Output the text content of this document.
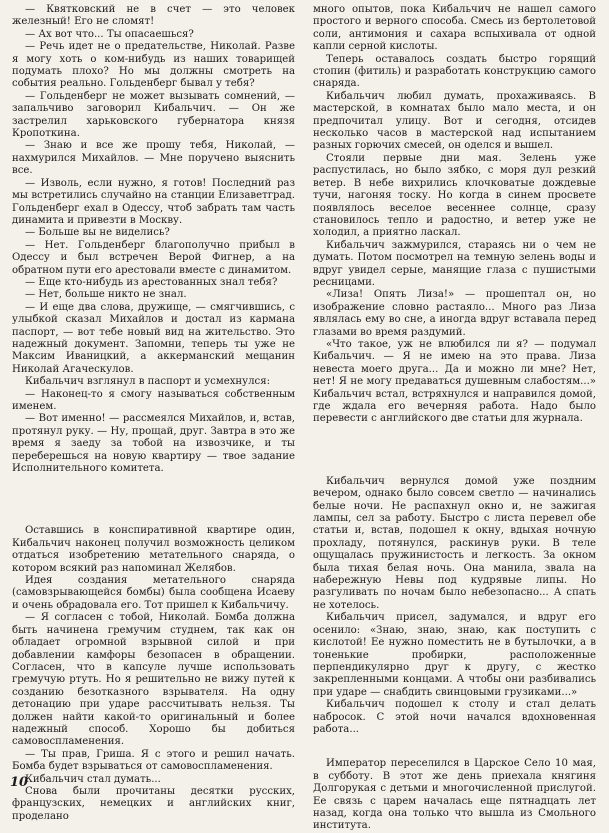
— Квятковский не в счет — это человек железный! Его не сломят!

— Ах вот что... Ты опасаешься?

— Речь идет не о предательстве, Николай. Разве я могу хоть о ком-нибудь из наших товарищей подумать плохо? Но мы должны смотреть на события реально. Гольденберг бывал у тебя?

— Гольденберг не может вызывать сомнений, — запальчиво заговорил Кибальчич. — Он же застрелил харьковского губернатора князя Кропоткина.

— Знаю и все же прошу тебя, Николай, — нахмурился Михайлов. — Мне поручено выяснить все.

— Изволь, если нужно, я готов! Последний раз мы встретились случайно на станции Елизаветград. Гольденберг ехал в Одессу, чтоб забрать там часть динамита и привезти в Москву.

— Больше вы не виделись?

— Нет. Гольденберг благополучно прибыл в Одессу и был встречен Верой Фигнер, а на обратном пути его арестовали вместе с динамитом.

— Еще кто-нибудь из арестованных знал тебя?

— Нет, больше никто не знал.

— И еще два слова, дружище, — смягчившись, с улыбкой сказал Михайлов и достал из кармана паспорт, — вот тебе новый вид на жительство. Это надежный документ. Запомни, теперь ты уже не Максим Иваницкий, а аккерманский мещанин Николай Агаческулов.

Кибальчич взглянул в паспорт и усмехнулся:

— Наконец-то я смогу называться собственным именем.

— Вот именно! — рассмеялся Михайлов, и, встав, протянул руку. — Ну, прощай, друг. Завтра в это же время я заеду за тобой на извозчике, и ты переберешься на новую квартиру — твое задание Исполнительного комитета.

Оставшись в конспиративной квартире один, Кибальчич наконец получил возможность целиком отдаться изобретению метательного снаряда, о котором всякий раз напоминал Желябов.

Идея создания метательного снаряда (самовзрывающейся бомбы) была сообщена Исаеву и очень обрадовала его. Тот пришел к Кибальчичу.

— Я согласен с тобой, Николай. Бомба должна быть начинена гремучим студнем, так как он обладает огромной взрывной силой и при добавлении камфоры безопасен в обращении. Согласен, что в капсуле лучше использовать гремучую ртуть. Но я решительно не вижу путей к созданию безотказного взрывателя. На одну детонацию при ударе рассчитывать нельзя. Ты должен найти какой-то оригинальный и более надежный способ. Хорошо бы добиться самовоспламенения.

— Ты прав, Гриша. Я с этого и решил начать. Бомба будет взрываться от самовоспламенения.

Кибальчич стал думать...

Снова были прочитаны десятки русских, французских, немецких и английских книг, проделано

много опытов, пока Кибальчич не нашел самого простого и верного способа. Смесь из бертолетовой соли, антимония и сахара вспыхивала от одной капли серной кислоты.

Теперь оставалось создать быстро горящий стопин (фитиль) и разработать конструкцию самого снаряда.

Кибальчич любил думать, прохаживаясь. В мастерской, в комнатах было мало места, и он предпочитал улицу. Вот и сегодня, отсидев несколько часов в мастерской над испытанием разных горючих смесей, он оделся и вышел.

Стояли первые дни мая. Зелень уже распустилась, но было зябко, с моря дул резкий ветер. В небе вихрились клочковатые дождевые тучи, нагоняя тоску. Но когда в синем просвете появлялось веселое весеннее солнце, сразу становилось тепло и радостно, и ветер уже не холодил, а приятно ласкал.

Кибальчич зажмурился, стараясь ни о чем не думать. Потом посмотрел на темную зелень воды и вдруг увидел серые, манящие глаза с пушистыми ресницами.

«Лиза! Опять Лиза!» — прошептал он, но изображение словно растаяло... Много раз Лиза являлась ему во сне, а иногда вдруг вставала перед глазами во время раздумий.

«Что такое, уж не влюбился ли я? — подумал Кибальчич. — Я не имею на это права. Лиза невеста моего друга... Да и можно ли мне? Нет, нет! Я не могу предаваться душевным слабостям...» Кибальчич встал, встряхнулся и направился домой, где ждала его вечерняя работа. Надо было перевести с английского две статьи для журнала.

Кибальчич вернулся домой уже поздним вечером, однако было совсем светло — начинались белые ночи. Не распахнул окно и, не зажигая лампы, сел за работу. Быстро с листа перевел обе статьи и, встав, подошел к окну, вдыхая ночную прохладу, потянулся, раскинув руки. В теле ощущалась пружинистость и легкость. За окном была тихая белая ночь. Она манила, звала на набережную Невы под кудрявые липы. Но разгуливать по ночам было небезопасно... А спать не хотелось.

Кибальчич присел, задумался, и вдруг его осенило: «Знаю, знаю, знаю, как поступить с кислотой! Ее нужно поместить не в бутылочки, а в тоненькие пробирки, расположенные перпендикулярно друг к другу, с жестко закрепленными концами. А чтобы они разбивались при ударе — снабдить свинцовыми грузиками...»

Кибальчич подошел к столу и стал делать набросок. С этой ночи начался вдохновенная работа...

Император переселился в Царское Село 10 мая, в субботу. В этот же день приехала княгиня Долгорукая с детьми и многочисленной прислугой. Ее связь с царем началась еще пятнадцать лет назад, когда она только что вышла из Смольного института.

10
